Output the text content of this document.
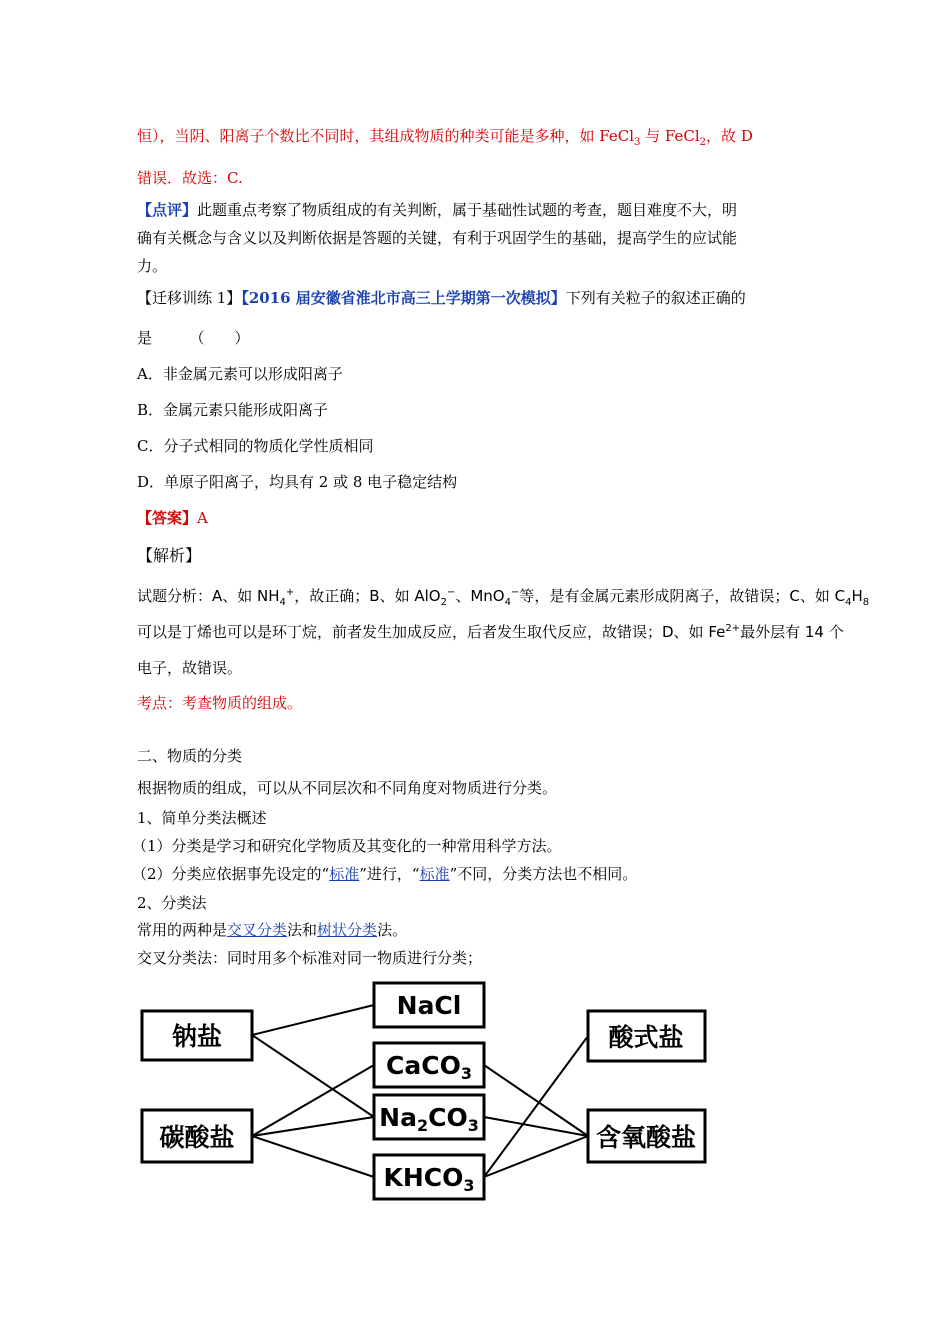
恒），当阴、阳离子个数比不同时，其组成物质的种类可能是多种，如 FeCl$_3$ 与 FeCl$_2$，故 D
错误．故选：C.
【点评】此题重点考察了物质组成的有关判断，属于基础性试题的考查，题目难度不大，明
确有关概念与含义以及判断依据是答题的关键，有利于巩固学生的基础，提高学生的应试能
力。
【迁移训练 1】【2016 届安徽省淮北市高三上学期第一次模拟】下列有关粒子的叙述正确的
是　　　（　　）
A．非金属元素可以形成阳离子
B．金属元素只能形成阳离子
C．分子式相同的物质化学性质相同
D．单原子阳离子，均具有 2 或 8 电子稳定结构
【答案】A
【解析】
试题分析：A、如 $NH_4^+$，故正确；B、如 AlO$_2$−、MnO$_4$−等，是有金属元素形成阴离子，故错误；C、如 $C_4H_8$
可以是丁烯也可以是环丁烷，前者发生加成反应，后者发生取代反应，故错误；D、如 $Fe^{2+}$最外层有 14 个
电子，故错误。
考点：考查物质的组成。
二、物质的分类
根据物质的组成，可以从不同层次和不同角度对物质进行分类。
1、简单分类法概述
（1）分类是学习和研究化学物质及其变化的一种常用科学方法。
（2）分类应依据事先设定的“标准”进行，“标准”不同，分类方法也不相同。
2、分类法
常用的两种是交叉分类法和树状分类法。
交叉分类法：同时用多个标准对同一物质进行分类；
钠盐
碳酸盐
NaCl
CaCO$_3$
$Na_2CO_3$
$KHCO_3$
酸式盐
含氧酸盐
